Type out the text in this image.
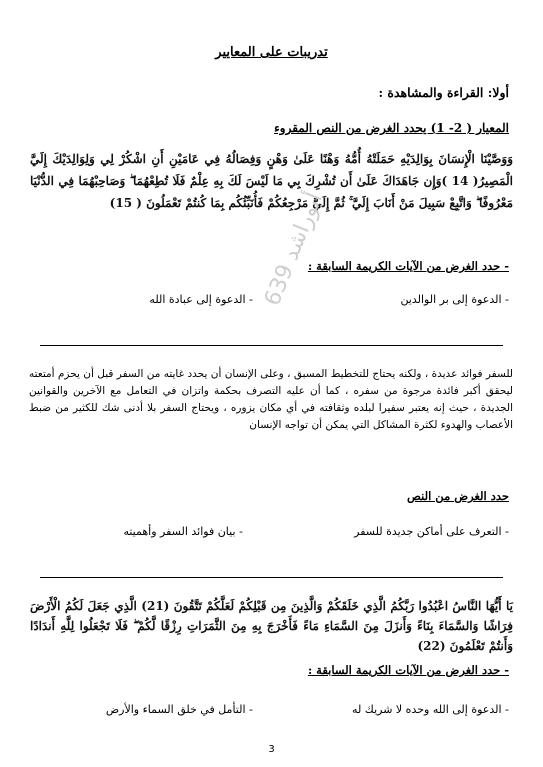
تدريبات على المعايير
أولا: القراءة والمشاهدة :
المعيار ( 2- 1) يحدد الغرض من النص المقروء
وَوَصَّيْنَا الْإِنسَانَ بِوَالِدَيْهِ حَمَلَتْهُ أُمُّهُ وَهْنًا عَلَىٰ وَهْنٍ وَفِصَالُهُ فِي عَامَيْنِ أَنِ اشْكُرْ لِي وَلِوَالِدَيْكَ إِلَيَّ الْمَصِيرُ( 14 )وَإِن جَاهَدَاكَ عَلَىٰ أَن تُشْرِكَ بِي مَا لَيْسَ لَكَ بِهِ عِلْمٌ فَلَا تُطِعْهُمَا ۖ وَصَاحِبْهُمَا فِي الدُّنْيَا مَعْرُوفًا ۖ وَاتَّبِعْ سَبِيلَ مَنْ أَنَابَ إِلَيَّ ۚ ثُمَّ إِلَيَّ مَرْجِعُكُمْ فَأُنَبِّئُكُم بِمَا كُنتُمْ تَعْمَلُونَ ( 15)
- حدد الغرض من الآيات الكريمة السابقة :
- الدعوة إلى بر الوالدين
- الدعوة إلى عبادة الله
للسفر فوائد عديدة ، ولكنه يحتاج للتخطيط المسبق ، وعلى الإنسان أن يحدد غايته من السفر قبل أن يحزم أمتعته ليحقق أكبر فائدة مرجوة من سفره ، كما أن عليه التصرف بحكمة واتزان في التعامل مع الآخرين والقوانين الجديدة ، حيث إنه يعتبر سفيرا لبلده وثقافته في أي مكان يزوره ، ويحتاج السفر بلا أدنى شك للكثير من ضبط الأعصاب والهدوء لكثرة المشاكل التي يمكن أن تواجه الإنسان
حدد الغرض من النص
- التعرف على أماكن جديدة للسفر
- بيان فوائد السفر وأهميته
يَا أَيُّهَا النَّاسُ اعْبُدُوا رَبَّكُمُ الَّذِي خَلَقَكُمْ وَالَّذِينَ مِن قَبْلِكُمْ لَعَلَّكُمْ تَتَّقُونَ (21) الَّذِي جَعَلَ لَكُمُ الْأَرْضَ فِرَاشًا وَالسَّمَاءَ بِنَاءً وَأَنزَلَ مِنَ السَّمَاءِ مَاءً فَأَخْرَجَ بِهِ مِنَ الثَّمَرَاتِ رِزْقًا لَّكُمْ ۖ فَلَا تَجْعَلُوا لِلَّهِ أَندَادًا وَأَنتُمْ تَعْلَمُونَ (22)
- حدد الغرض من الآيات الكريمة السابقة :
- الدعوة إلى الله وحده لا شريك له
- التأمل في خلق السماء والأرض
أبوراشد 639
3
